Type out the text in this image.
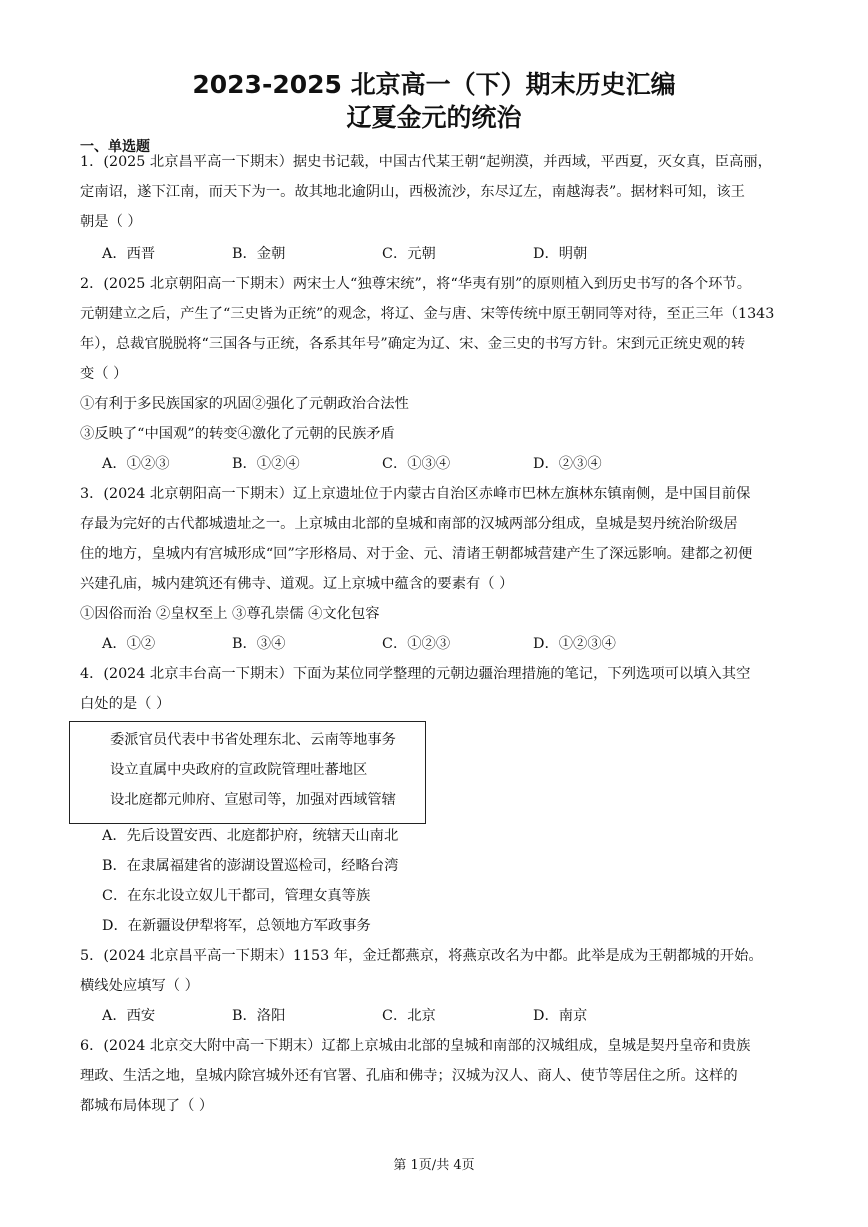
2023-2025 北京高一（下）期末历史汇编
辽夏金元的统治
一、单选题
1．(2025 北京昌平高一下期末）据史书记载，中国古代某王朝“起朔漠，并西域，平西夏，灭女真，臣高丽，
定南诏，遂下江南，而天下为一。故其地北逾阴山，西极流沙，东尽辽左，南越海表”。据材料可知，该王
朝是（ ）
A．西晋	B．金朝	C．元朝	D．明朝
2．(2025 北京朝阳高一下期末）两宋士人“独尊宋统”，将“华夷有别”的原则植入到历史书写的各个环节。
元朝建立之后，产生了“三史皆为正统”的观念，将辽、金与唐、宋等传统中原王朝同等对待，至正三年（1343
年），总裁官脱脱将“三国各与正统，各系其年号”确定为辽、宋、金三史的书写方针。宋到元正统史观的转
变（ ）
①有利于多民族国家的巩固②强化了元朝政治合法性
③反映了“中国观”的转变④激化了元朝的民族矛盾
A．①②③	B．①②④	C．①③④	D．②③④
3．(2024 北京朝阳高一下期末）辽上京遗址位于内蒙古自治区赤峰市巴林左旗林东镇南侧，是中国目前保
存最为完好的古代都城遗址之一。上京城由北部的皇城和南部的汉城两部分组成，皇城是契丹统治阶级居
住的地方，皇城内有宫城形成“回”字形格局、对于金、元、清诸王朝都城营建产生了深远影响。建都之初便
兴建孔庙，城内建筑还有佛寺、道观。辽上京城中蕴含的要素有（ ）
①因俗而治 ②皇权至上 ③尊孔崇儒 ④文化包容
A．①②	B．③④	C．①②③	D．①②③④
4．(2024 北京丰台高一下期末）下面为某位同学整理的元朝边疆治理措施的笔记，下列选项可以填入其空
白处的是（ ）
委派官员代表中书省处理东北、云南等地事务
设立直属中央政府的宣政院管理吐蕃地区
设北庭都元帅府、宣慰司等，加强对西域管辖
A．先后设置安西、北庭都护府，统辖天山南北
B．在隶属福建省的澎湖设置巡检司，经略台湾
C．在东北设立奴儿干都司，管理女真等族
D．在新疆设伊犁将军，总领地方军政事务
5．(2024 北京昌平高一下期末）1153 年，金迁都燕京，将燕京改名为中都。此举是成为王朝都城的开始。
横线处应填写（ ）
A．西安	B．洛阳	C．北京	D．南京
6．(2024 北京交大附中高一下期末）辽都上京城由北部的皇城和南部的汉城组成，皇城是契丹皇帝和贵族
理政、生活之地，皇城内除宫城外还有官署、孔庙和佛寺；汉城为汉人、商人、使节等居住之所。这样的
都城布局体现了（ ）
第 1页/共 4页
